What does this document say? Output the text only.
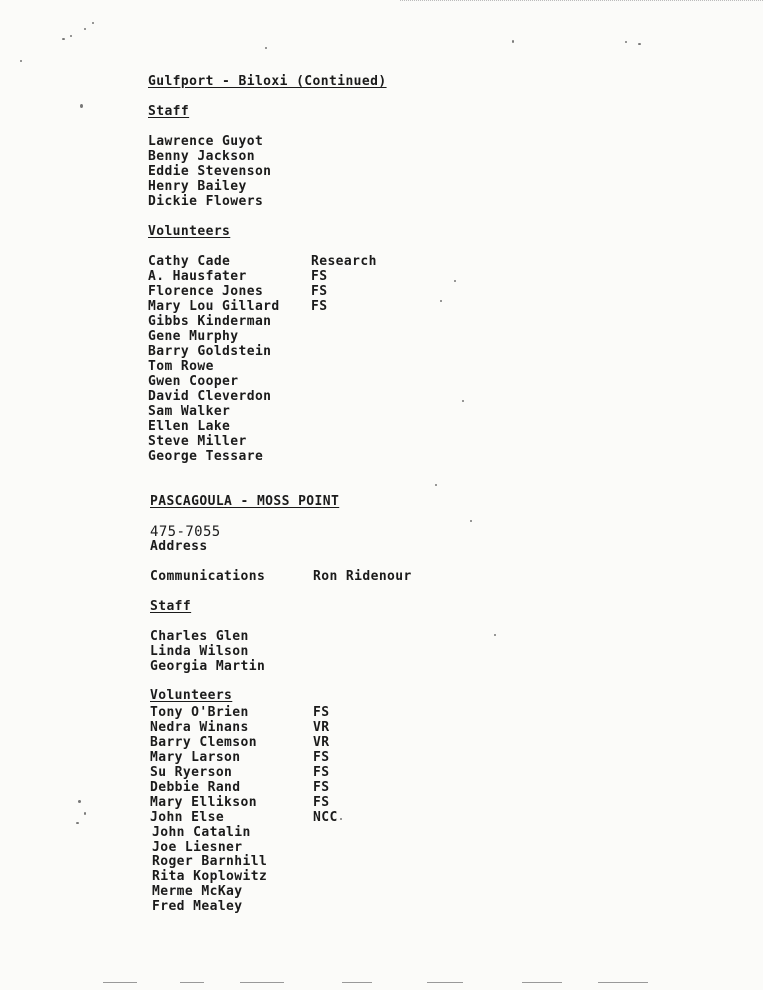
Gulfport - Biloxi (Continued)
Staff
Lawrence Guyot
Benny Jackson
Eddie Stevenson
Henry Bailey
Dickie Flowers
Volunteers
Cathy Cade	Research
A. Hausfater	FS
Florence Jones	FS
Mary Lou Gillard FS
Gibbs Kinderman
Gene Murphy
Barry Goldstein
Tom Rowe
Gwen Cooper
David Cleverdon
Sam Walker
Ellen Lake
Steve Miller
George Tessare
PASCAGOULA - MOSS POINT
475-7055
Address
Communications	Ron Ridenour
Staff
Charles Glen
Linda Wilson
Georgia Martin
Volunteers
Tony O'Brien	FS
Nedra Winans	VR
Barry Clemson	VR
Mary Larson	FS
Su Ryerson	FS
Debbie Rand	FS
Mary Ellikson	FS
John Else	NCC
John Catalin
Joe Liesner
Roger Barnhill
Rita Koplowitz
Merme McKay
Fred Mealey
